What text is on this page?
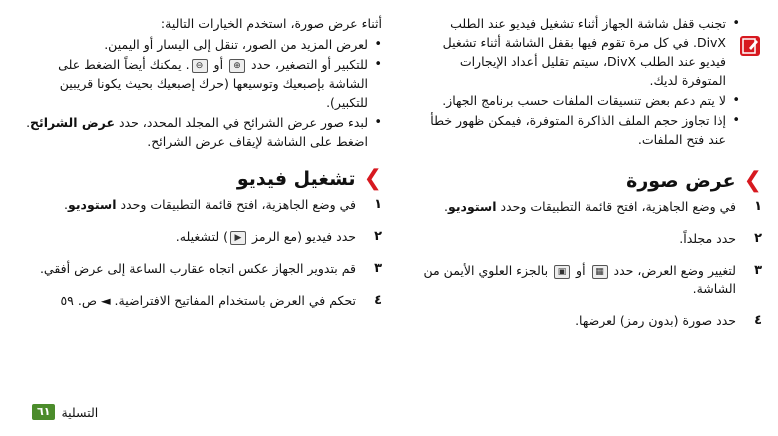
• تجنب قفل شاشة الجهاز أثناء تشغيل فيديو عند الطلب DivX. في كل مرة تقوم فيها بقفل الشاشة أثناء تشغيل فيديو عند الطلب DivX، سيتم تقليل أعداد الإيجارات المتوفرة لديك.
• لا يتم دعم بعض تنسيقات الملفات حسب برنامج الجهاز.
• إذا تجاوز حجم الملف الذاكرة المتوفرة، فيمكن ظهور خطأ عند فتح الملفات.
❯
عرض صورة
١
في وضع الجاهزية، افتح قائمة التطبيقات وحدد استوديو.
٢
حدد مجلداً.
٣
لتغيير وضع العرض، حدد ▦ أو ▣ بالجزء العلوي الأيمن من الشاشة.
٤
حدد صورة (بدون رمز) لعرضها.

أثناء عرض صورة، استخدم الخيارات التالية:

• لعرض المزيد من الصور، تنقل إلى اليسار أو اليمين.
• للتكبير أو التصغير، حدد ⊕ أو ⊖. يمكنك أيضاً الضغط على الشاشة بإصبعيك وتوسيعها (حرك إصبعيك بحيث يكونا قريبين للتكبير).
• لبدء صور عرض الشرائح في المجلد المحدد، حدد عرض الشرائح. اضغط على الشاشة لإيقاف عرض الشرائح.
❯
تشغيل فيديو
١
في وضع الجاهزية، افتح قائمة التطبيقات وحدد استوديو.
٢
حدد فيديو (مع الرمز ▶) لتشغيله.
٣
قم بتدوير الجهاز عكس اتجاه عقارب الساعة إلى عرض أفقي.
٤
تحكم في العرض باستخدام المفاتيح الافتراضية. ◄ ص. ٥٩
التسلية
٦١
